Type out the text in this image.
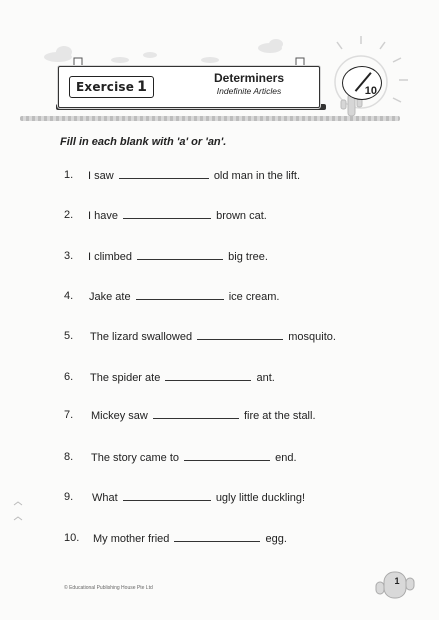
Exercise 1
Determiners
Indefinite Articles	10
Fill in each blank with 'a' or 'an'.
1. I saw	old man in the lift.
2. I have	brown cat.
3. I climbed	big tree.
4. Jake ate	ice cream.
5. The lizard swallowed	mosquito.
6. The spider ate	ant.
7. Mickey saw	fire at the stall.
8. The story came to	end.
9. What	ugly little duckling!
10. My mother fried	egg.
© Educational Publishing House Pte Ltd
1
